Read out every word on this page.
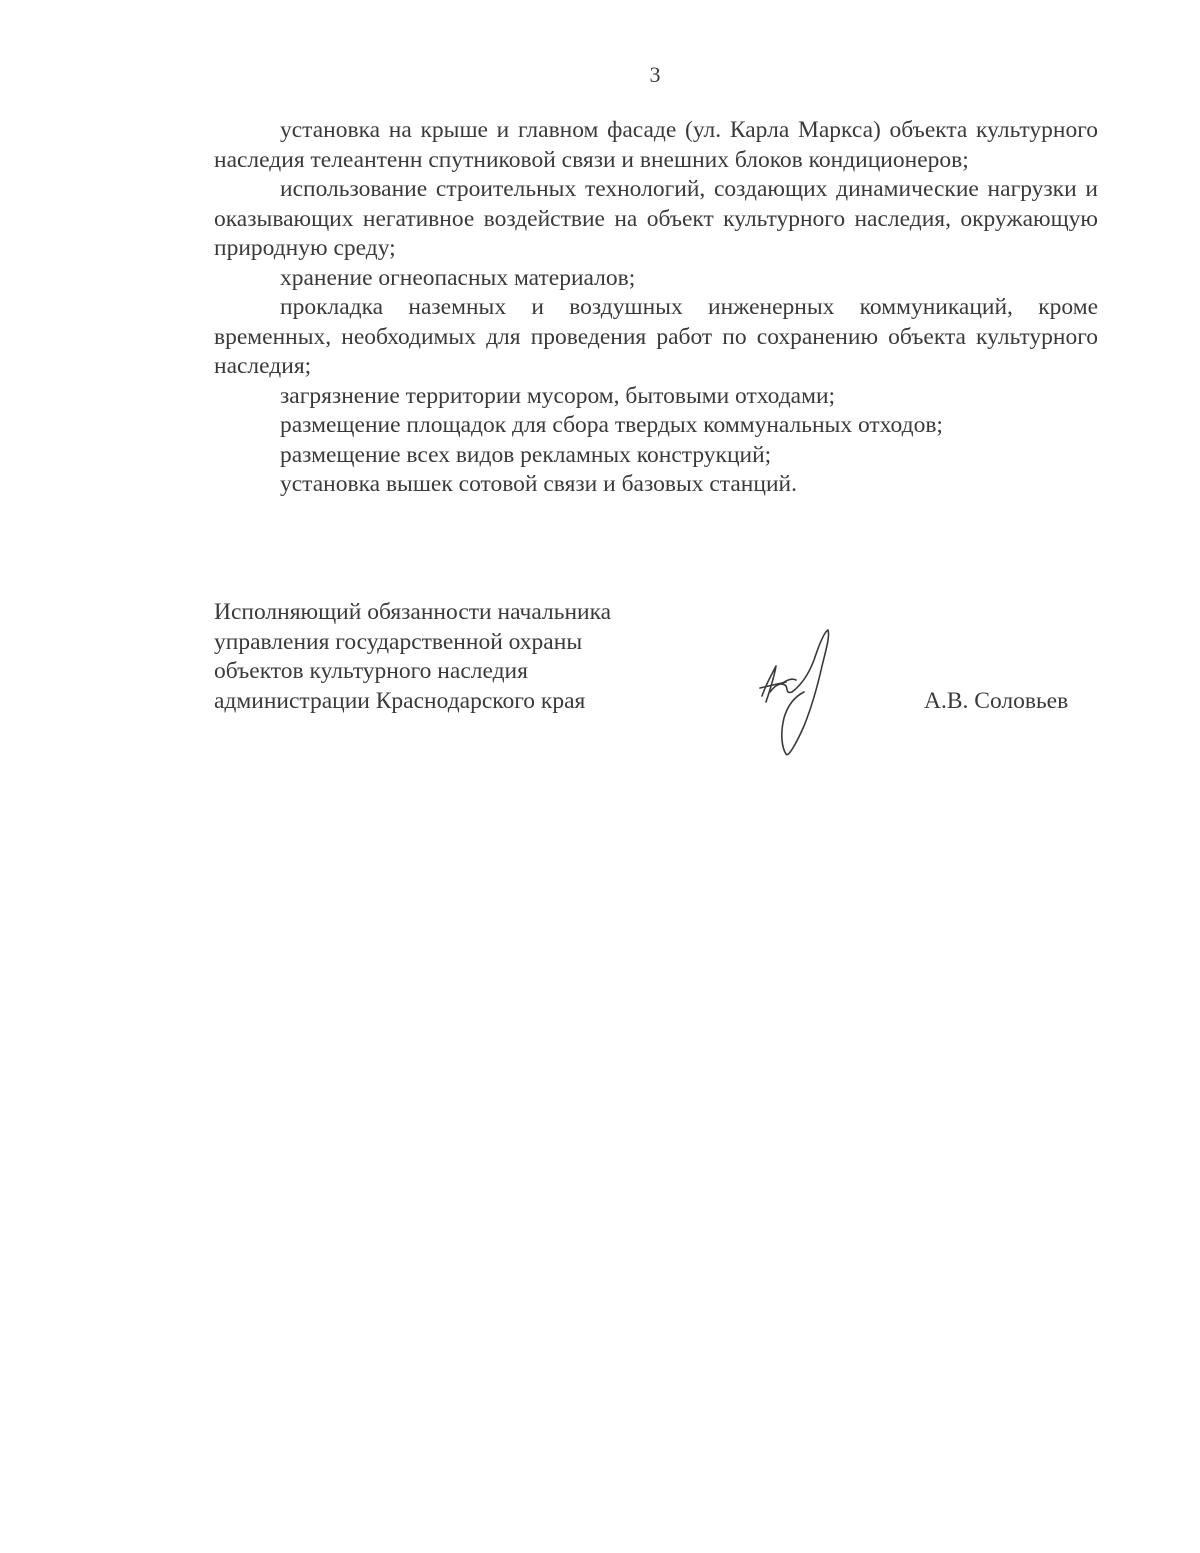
3

установка на крыше и главном фасаде (ул. Карла Маркса) объекта культурного наследия телеантенн спутниковой связи и внешних блоков кондиционеров;

использование строительных технологий, создающих динамические нагрузки и оказывающих негативное воздействие на объект культурного наследия, окружающую природную среду;

хранение огнеопасных материалов;

прокладка наземных и воздушных инженерных коммуникаций, кроме временных, необходимых для проведения работ по сохранению объекта культурного наследия;

загрязнение территории мусором, бытовыми отходами;

размещение площадок для сбора твердых коммунальных отходов;

размещение всех видов рекламных конструкций;

установка вышек сотовой связи и базовых станций.

Исполняющий обязанности начальника
управления государственной охраны
объектов культурного наследия
администрации Краснодарского края	А.В. Соловьев
